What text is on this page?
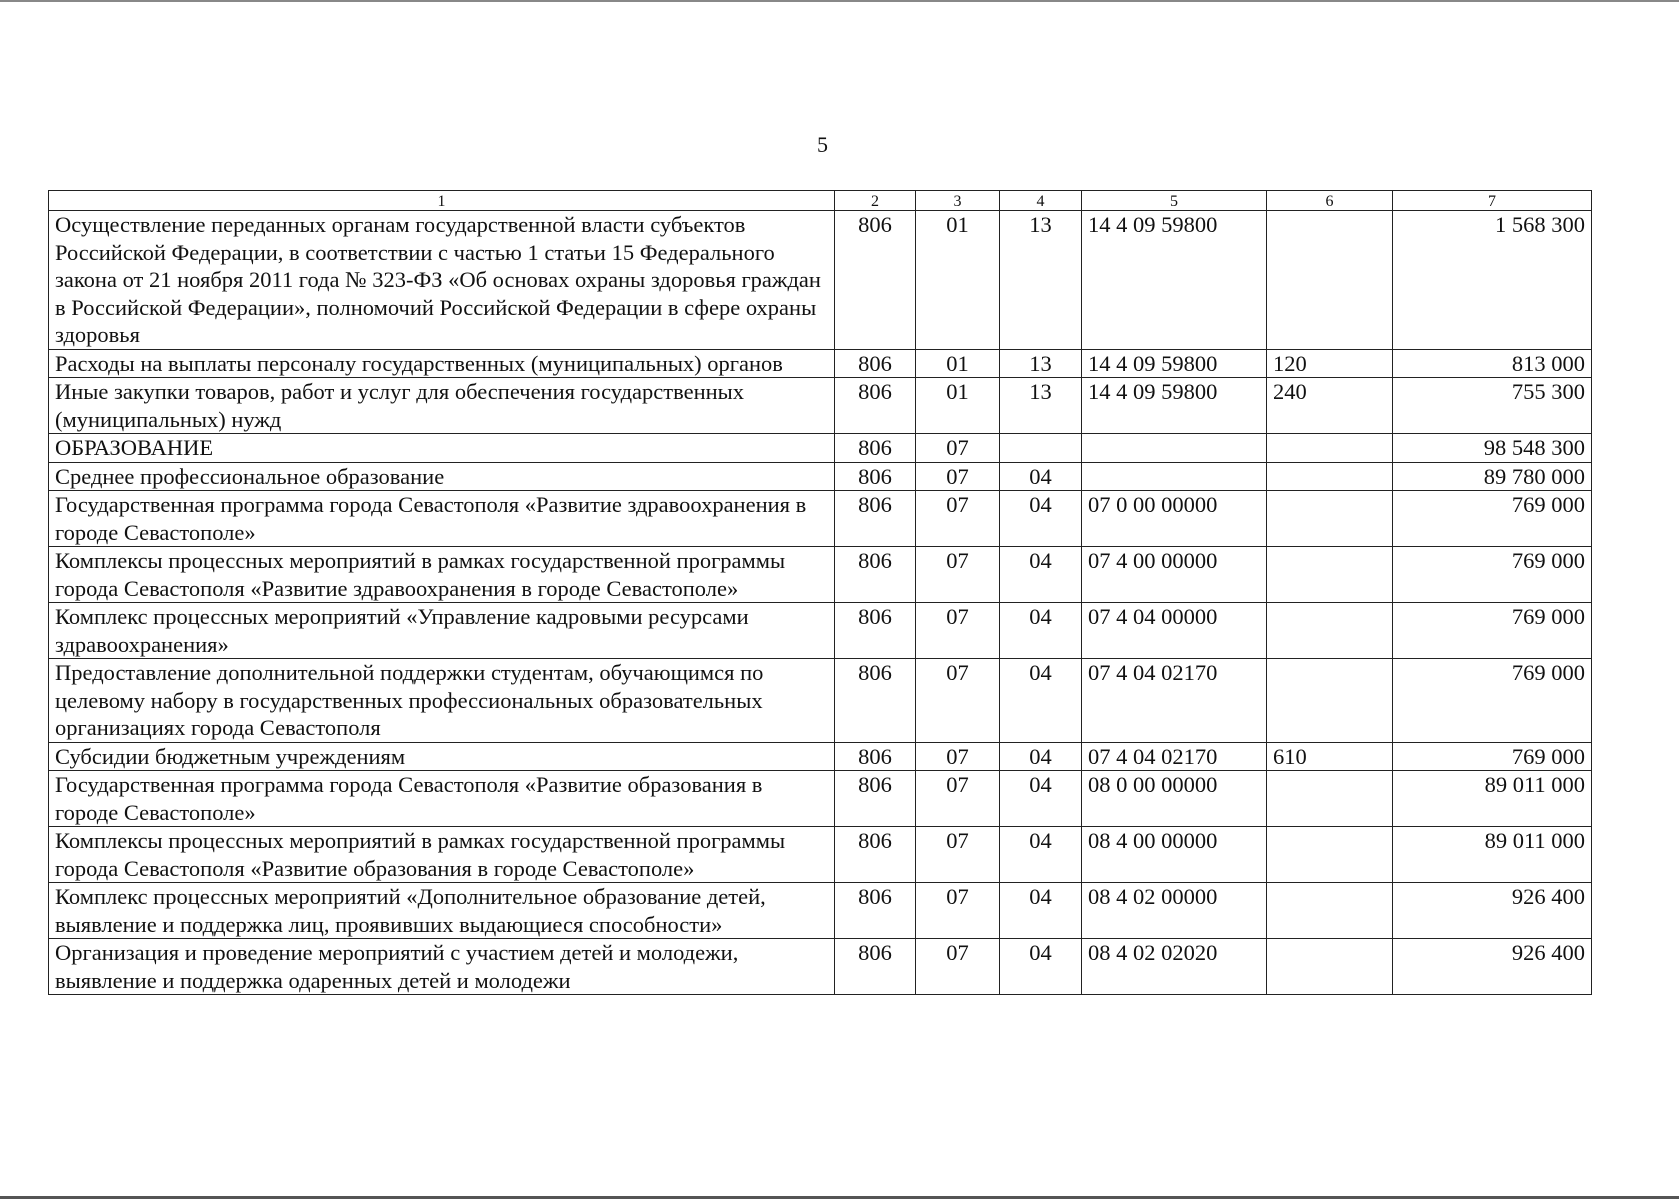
5
1	2	3	4	5	6	7
Осуществление переданных органам государственной власти субъектов Российской Федерации, в соответствии с частью 1 статьи 15 Федерального закона от 21 ноября 2011 года № 323-ФЗ «Об основах охраны здоровья граждан в Российской Федерации», полномочий Российской Федерации в сфере охраны здоровья	806	01	13	14 4 09 59800		1 568 300
Расходы на выплаты персоналу государственных (муниципальных) органов	806	01	13	14 4 09 59800	120	813 000
Иные закупки товаров, работ и услуг для обеспечения государственных (муниципальных) нужд	806	01	13	14 4 09 59800	240	755 300
ОБРАЗОВАНИЕ	806	07				98 548 300
Среднее профессиональное образование	806	07	04			89 780 000
Государственная программа города Севастополя «Развитие здравоохранения в городе Севастополе»	806	07	04	07 0 00 00000		769 000
Комплексы процессных мероприятий в рамках государственной программы города Севастополя «Развитие здравоохранения в городе Севастополе»	806	07	04	07 4 00 00000		769 000
Комплекс процессных мероприятий «Управление кадровыми ресурсами здравоохранения»	806	07	04	07 4 04 00000		769 000
Предоставление дополнительной поддержки студентам, обучающимся по целевому набору в государственных профессиональных образовательных организациях города Севастополя	806	07	04	07 4 04 02170		769 000
Субсидии бюджетным учреждениям	806	07	04	07 4 04 02170	610	769 000
Государственная программа города Севастополя «Развитие образования в городе Севастополе»	806	07	04	08 0 00 00000		89 011 000
Комплексы процессных мероприятий в рамках государственной программы города Севастополя «Развитие образования в городе Севастополе»	806	07	04	08 4 00 00000		89 011 000
Комплекс процессных мероприятий «Дополнительное образование детей, выявление и поддержка лиц, проявивших выдающиеся способности»	806	07	04	08 4 02 00000		926 400
Организация и проведение мероприятий с участием детей и молодежи, выявление и поддержка одаренных детей и молодежи	806	07	04	08 4 02 02020		926 400
